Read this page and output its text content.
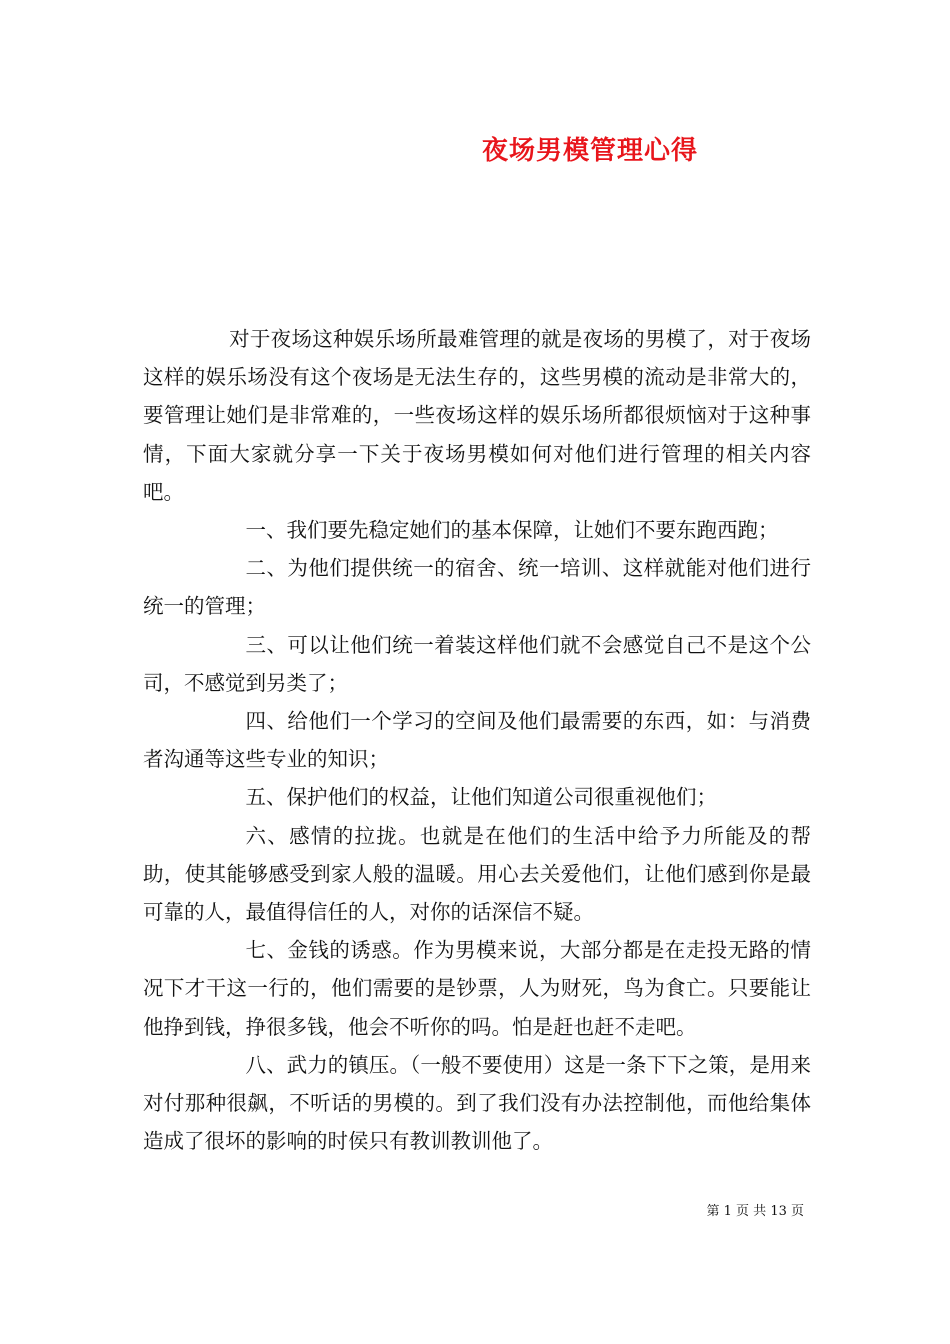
夜场男模管理心得

对于夜场这种娱乐场所最难管理的就是夜场的男模了，对于夜场这样的娱乐场没有这个夜场是无法生存的，这些男模的流动是非常大的，要管理让她们是非常难的，一些夜场这样的娱乐场所都很烦恼对于这种事情，下面大家就分享一下关于夜场男模如何对他们进行管理的相关内容吧。

一、我们要先稳定她们的基本保障，让她们不要东跑西跑；

二、为他们提供统一的宿舍、统一培训、这样就能对他们进行统一的管理；

三、可以让他们统一着装这样他们就不会感觉自己不是这个公司，不感觉到另类了；

四、给他们一个学习的空间及他们最需要的东西，如：与消费者沟通等这些专业的知识；

五、保护他们的权益，让他们知道公司很重视他们；

六、感情的拉拢。也就是在他们的生活中给予力所能及的帮助，使其能够感受到家人般的温暖。用心去关爱他们，让他们感到你是最可靠的人，最值得信任的人，对你的话深信不疑。

七、金钱的诱惑。作为男模来说，大部分都是在走投无路的情况下才干这一行的，他们需要的是钞票，人为财死，鸟为食亡。只要能让他挣到钱，挣很多钱，他会不听你的吗。怕是赶也赶不走吧。

八、武力的镇压。（一般不要使用）这是一条下下之策，是用来对付那种很飙，不听话的男模的。到了我们没有办法控制他，而他给集体造成了很坏的影响的时侯只有教训教训他了。

第 1 页 共 13 页
